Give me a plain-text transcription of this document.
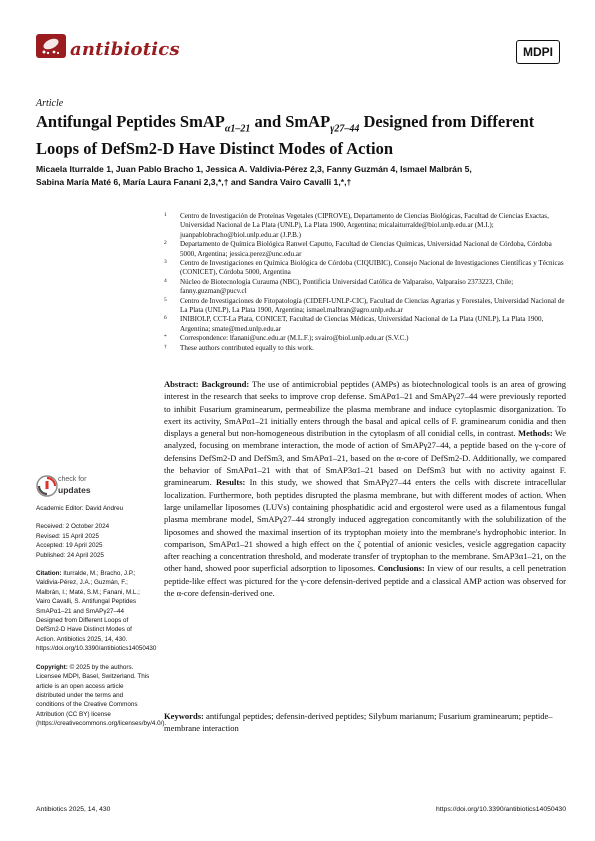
antibiotics	MDPI
Article
Antifungal Peptides SmAP$_{\alpha 1-21}$ and SmAP$_{\gamma 27-44}$ Designed from Different Loops of DefSm2-D Have Distinct Modes of Action
Micaela Iturralde 1, Juan Pablo Bracho 1, Jessica A. Valdivia-Pérez 2,3, Fanny Guzmán 4, Ismael Malbrán 5,
Sabina María Maté 6, María Laura Fanani 2,3,*,† and Sandra Vairo Cavalli 1,*,†
1 Centro de Investigación de Proteínas Vegetales (CIPROVE), Departamento de Ciencias Biológicas, Facultad de Ciencias Exactas, Universidad Nacional de La Plata (UNLP), La Plata 1900, Argentina; micalaiturralde@biol.unlp.edu.ar (M.I.); juanpablobracho@biol.unlp.edu.ar (J.P.B.)
2 Departamento de Química Biológica Ranwel Caputto, Facultad de Ciencias Químicas, Universidad Nacional de Córdoba, Córdoba 5000, Argentina; jessica.perez@unc.edu.ar
3 Centro de Investigaciones en Química Biológica de Córdoba (CIQUIBIC), Consejo Nacional de Investigaciones Científicas y Técnicas (CONICET), Córdoba 5000, Argentina
4 Núcleo de Biotecnología Curauma (NBC), Pontificia Universidad Católica de Valparaíso, Valparaíso 2373223, Chile; fanny.guzman@pucv.cl
5 Centro de Investigaciones de Fitopatología (CIDEFI-UNLP-CIC), Facultad de Ciencias Agrarias y Forestales, Universidad Nacional de La Plata (UNLP), La Plata 1900, Argentina; ismael.malbran@agro.unlp.edu.ar
6 INIBIOLP, CCT-La Plata, CONICET, Facultad de Ciencias Médicas, Universidad Nacional de La Plata (UNLP), La Plata 1900, Argentina; smate@med.unlp.edu.ar
* Correspondence: lfanani@unc.edu.ar (M.L.F.); svairo@biol.unlp.edu.ar (S.V.C.)
† These authors contributed equally to this work.
Abstract: Background: The use of antimicrobial peptides (AMPs) as biotechnological tools is an area of growing interest in the research that seeks to improve crop defense. SmAPα1–21 and SmAPγ27–44 were previously reported to inhibit Fusarium graminearum, permeabilize the plasma membrane and induce cytoplasmic disorganization. To exert its activity, SmAPα1–21 initially enters through the basal and apical cells of F. graminearum conidia and then displays a general but non-homogeneous distribution in the cytoplasm of all conidial cells, in contrast. Methods: We analyzed, focusing on membrane interaction, the mode of action of SmAPγ27–44, a peptide based on the γ-core of defensins DefSm2-D and DefSm3, and SmAPα1–21, based on the α-core of DefSm2-D. Additionally, we compared the behavior of SmAPα1–21 with that of SmAP3α1–21 based on DefSm3 but with no activity against F. graminearum. Results: In this study, we showed that SmAPγ27–44 enters the cells with discrete intracellular localization. Furthermore, both peptides disrupted the plasma membrane, but with different modes of action. When large unilamellar liposomes (LUVs) containing phosphatidic acid and ergosterol were used as a filamentous fungal plasma membrane model, SmAPγ27–44 strongly induced aggregation concomitantly with the solubilization of the liposomes and showed the maximal insertion of its tryptophan moiety into the membrane's hydrophobic interior. In comparison, SmAPα1–21 showed a high effect on the ζ potential of anionic vesicles, vesicle aggregation capacity after reaching a concentration threshold, and moderate transfer of tryptophan to the membrane. SmAP3α1–21, on the other hand, showed poor superficial adsorption to liposomes. Conclusions: In view of our results, a cell penetration peptide-like effect was pictured for the γ-core defensin-derived peptide and a classical AMP action was observed for the α-core defensin-derived one.
Keywords: antifungal peptides; defensin-derived peptides; Silybum marianum; Fusarium graminearum; peptide–membrane interaction
check for
updates

Academic Editor: David Andreu

Received: 2 October 2024

Revised: 15 April 2025

Accepted: 19 April 2025

Published: 24 April 2025

Citation: Iturralde, M.; Bracho, J.P.; Valdivia-Pérez, J.A.; Guzmán, F.; Malbrán, I.; Maté, S.M.; Fanani, M.L.; Vairo Cavalli, S. Antifungal Peptides SmAPα1–21 and SmAPγ27–44 Designed from Different Loops of DefSm2-D Have Distinct Modes of Action. Antibiotics 2025, 14, 430. https://doi.org/10.3390/antibiotics14050430

Copyright: © 2025 by the authors. Licensee MDPI, Basel, Switzerland. This article is an open access article distributed under the terms and conditions of the Creative Commons Attribution (CC BY) license (https://creativecommons.org/licenses/by/4.0/).

Antibiotics 2025, 14, 430	https://doi.org/10.3390/antibiotics14050430
